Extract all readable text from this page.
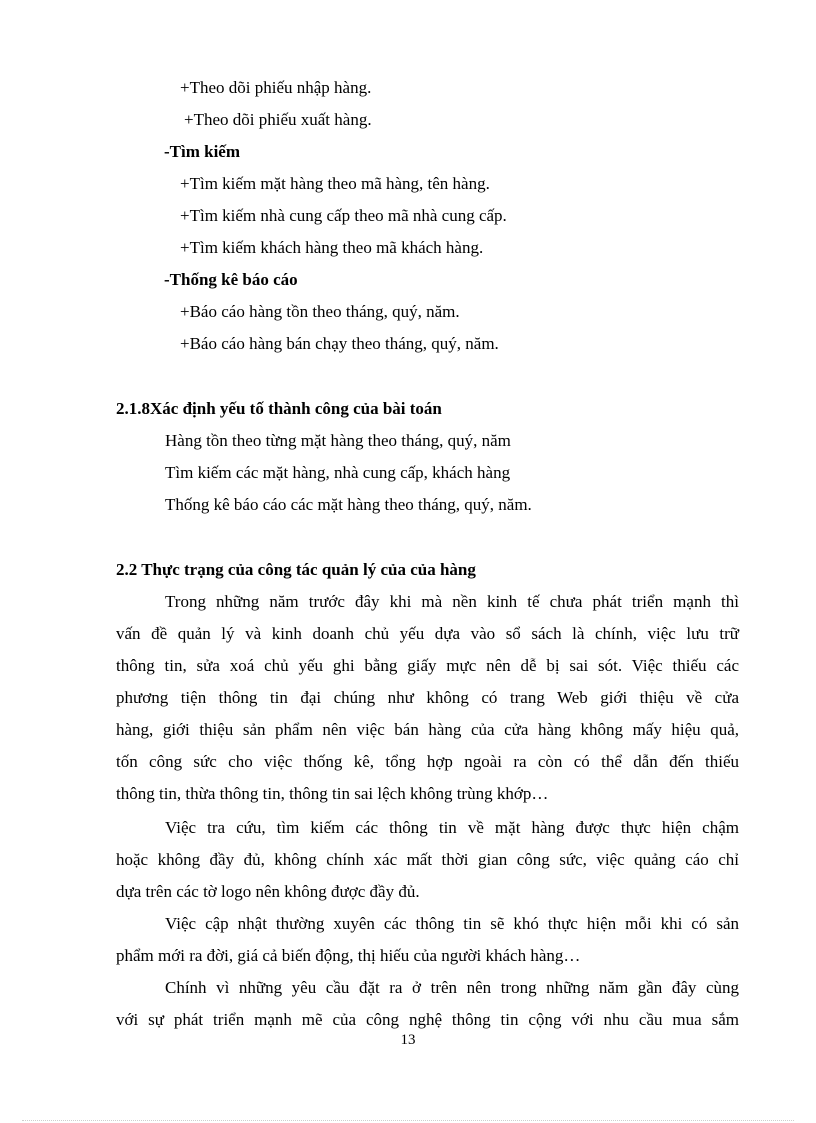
+Theo dõi phiếu nhập hàng.
+Theo dõi phiếu xuất hàng.
-Tìm kiếm
+Tìm kiếm mặt hàng theo mã hàng, tên hàng.
+Tìm kiếm nhà cung cấp theo mã nhà cung cấp.
+Tìm kiếm khách hàng theo mã khách hàng.
-Thống kê báo cáo
+Báo cáo hàng tồn theo tháng, quý, năm.
+Báo cáo hàng bán chạy theo tháng, quý, năm.
2.1.8Xác định yếu tố thành công của bài toán
Hàng tồn theo từng mặt hàng theo tháng, quý, năm
Tìm kiếm các mặt hàng, nhà cung cấp, khách hàng
Thống kê báo cáo các mặt hàng theo tháng, quý, năm.
2.2 Thực trạng của công tác quản lý của của hàng
Trong những năm trước đây khi mà nền kinh tế chưa phát triển mạnh thì
vấn đề quản lý và kinh doanh chủ yếu dựa vào sổ sách là chính, việc lưu trữ
thông tin, sửa xoá chủ yếu ghi bằng giấy mực nên dễ bị sai sót. Việc thiếu các
phương tiện thông tin đại chúng như không có trang Web giới thiệu về cửa
hàng, giới thiệu sản phẩm nên việc bán hàng của cửa hàng không mấy hiệu quả,
tốn công sức cho việc thống kê, tổng hợp ngoài ra còn có thể dẫn đến thiếu
thông tin, thừa thông tin, thông tin sai lệch không trùng khớp…
Việc tra cứu, tìm kiếm các thông tin về mặt hàng được thực hiện chậm
hoặc không đầy đủ, không chính xác mất thời gian công sức, việc quảng cáo chỉ
dựa trên các tờ logo nên không được đầy đủ.
Việc cập nhật thường xuyên các thông tin sẽ khó thực hiện mỗi khi có sản
phẩm mới ra đời, giá cả biến động, thị hiếu của người khách hàng…
Chính vì những yêu cầu đặt ra ở trên nên trong những năm gần đây cùng
với sự phát triển mạnh mẽ của công nghệ thông tin cộng với nhu cầu mua sắm
13
